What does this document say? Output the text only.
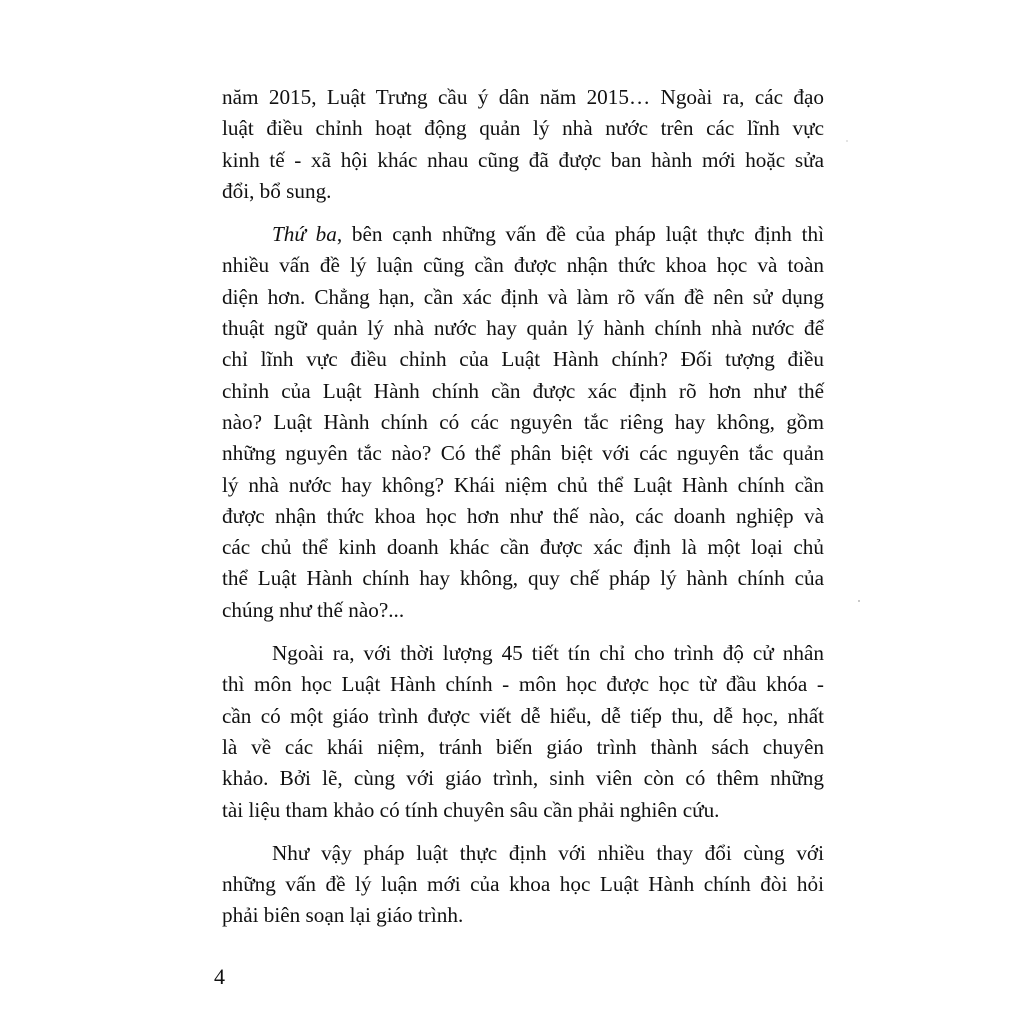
năm 2015, Luật Trưng cầu ý dân năm 2015… Ngoài ra, các đạo
luật điều chỉnh hoạt động quản lý nhà nước trên các lĩnh vực
kinh tế - xã hội khác nhau cũng đã được ban hành mới hoặc sửa
đổi, bổ sung.
Thứ ba, bên cạnh những vấn đề của pháp luật thực định thì
nhiều vấn đề lý luận cũng cần được nhận thức khoa học và toàn
diện hơn. Chẳng hạn, cần xác định và làm rõ vấn đề nên sử dụng
thuật ngữ quản lý nhà nước hay quản lý hành chính nhà nước để
chỉ lĩnh vực điều chỉnh của Luật Hành chính? Đối tượng điều
chỉnh của Luật Hành chính cần được xác định rõ hơn như thế
nào? Luật Hành chính có các nguyên tắc riêng hay không, gồm
những nguyên tắc nào? Có thể phân biệt với các nguyên tắc quản
lý nhà nước hay không? Khái niệm chủ thể Luật Hành chính cần
được nhận thức khoa học hơn như thế nào, các doanh nghiệp và
các chủ thể kinh doanh khác cần được xác định là một loại chủ
thể Luật Hành chính hay không, quy chế pháp lý hành chính của
chúng như thế nào?...
Ngoài ra, với thời lượng 45 tiết tín chỉ cho trình độ cử nhân
thì môn học Luật Hành chính - môn học được học từ đầu khóa -
cần có một giáo trình được viết dễ hiểu, dễ tiếp thu, dễ học, nhất
là về các khái niệm, tránh biến giáo trình thành sách chuyên
khảo. Bởi lẽ, cùng với giáo trình, sinh viên còn có thêm những
tài liệu tham khảo có tính chuyên sâu cần phải nghiên cứu.
Như vậy pháp luật thực định với nhiều thay đổi cùng với
những vấn đề lý luận mới của khoa học Luật Hành chính đòi hỏi
phải biên soạn lại giáo trình.
4
